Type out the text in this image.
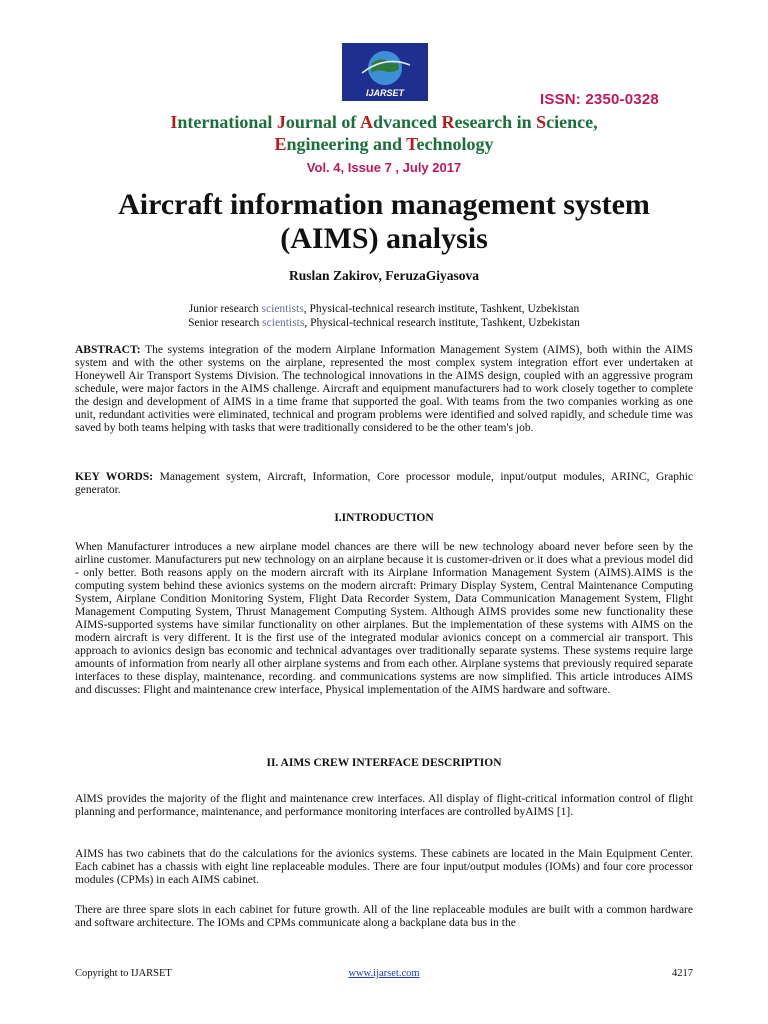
IJARSET	ISSN: 2350-0328
International Journal of Advanced Research in Science,
Engineering and Technology
Vol. 4, Issue 7 , July 2017
Aircraft information management system
(AIMS) analysis
Ruslan Zakirov, FeruzaGiyasova
Junior research scientists, Physical-technical research institute, Tashkent, Uzbekistan
Senior research scientists, Physical-technical research institute, Tashkent, Uzbekistan
ABSTRACT: The systems integration of the modern Airplane Information Management System (AIMS), both within the AIMS system and with the other systems on the airplane, represented the most complex system integration effort ever undertaken at Honeywell Air Transport Systems Division. The technological innovations in the AIMS design, coupled with an aggressive program schedule, were major factors in the AIMS challenge. Aircraft and equipment manufacturers had to work closely together to complete the design and development of AIMS in a time frame that supported the goal. With teams from the two companies working as one unit, redundant activities were eliminated, technical and program problems were identified and solved rapidly, and schedule time was saved by both teams helping with tasks that were traditionally considered to be the other team's job.
KEY WORDS: Management system, Aircraft, Information, Core processor module, input/output modules, ARINC, Graphic generator.
I.INTRODUCTION
When Manufacturer introduces a new airplane model chances are there will be new technology aboard never before seen by the airline customer. Manufacturers put new technology on an airplane because it is customer-driven or it does what a previous model did - only better. Both reasons apply on the modern aircraft with its Airplane Information Management System (AIMS).AIMS is the computing system behind these avionics systems on the modern aircraft: Primary Display System, Central Maintenance Computing System, Airplane Condition Monitoring System, Flight Data Recorder System, Data Communication Management System, Flight Management Computing System, Thrust Management Computing System. Although AIMS provides some new functionality these AIMS-supported systems have similar functionality on other airplanes. But the implementation of these systems with AIMS on the modern aircraft is very different. It is the first use of the integrated modular avionics concept on a commercial air transport. This approach to avionics design bas economic and technical advantages over traditionally separate systems. These systems require large amounts of information from nearly all other airplane systems and from each other. Airplane systems that previously required separate interfaces to these display, maintenance, recording. and communications systems are now simplified. This article introduces AIMS and discusses: Flight and maintenance crew interface, Physical implementation of the AIMS hardware and software.
II. AIMS CREW INTERFACE DESCRIPTION
AlMS provides the majority of the flight and maintenance crew interfaces. All display of flight-critical information control of flight planning and performance, maintenance, and performance monitoring interfaces are controlled byAIMS [1].
AIMS has two cabinets that do the calculations for the avionics systems. These cabinets are located in the Main Equipment Center. Each cabinet has a chassis with eight line replaceable modules. There are four input/output modules (IOMs) and four core processor modules (CPMs) in each AIMS cabinet.
There are three spare slots in each cabinet for future growth. All of the line replaceable modules are built with a common hardware and software architecture. The IOMs and CPMs communicate along a backplane data bus in the
Copyright to IJARSET	www.ijarset.com	4217
